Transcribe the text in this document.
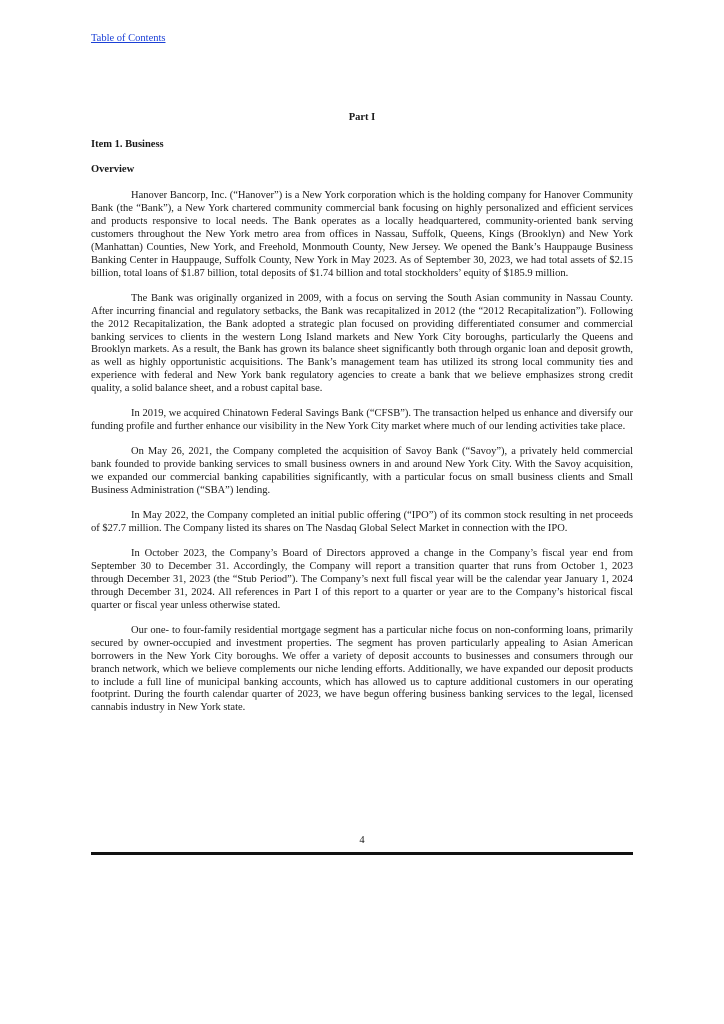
Table of Contents

Part I

Item 1. Business

Overview

Hanover Bancorp, Inc. (“Hanover”) is a New York corporation which is the holding company for Hanover Community Bank (the “Bank”), a New York chartered community commercial bank focusing on highly personalized and efficient services and products responsive to local needs. The Bank operates as a locally headquartered, community-oriented bank serving customers throughout the New York metro area from offices in Nassau, Suffolk, Queens, Kings (Brooklyn) and New York (Manhattan) Counties, New York, and Freehold, Monmouth County, New Jersey. We opened the Bank’s Hauppauge Business Banking Center in Hauppauge, Suffolk County, New York in May 2023. As of September 30, 2023, we had total assets of $2.15 billion, total loans of $1.87 billion, total deposits of $1.74 billion and total stockholders’ equity of $185.9 million.

The Bank was originally organized in 2009, with a focus on serving the South Asian community in Nassau County. After incurring financial and regulatory setbacks, the Bank was recapitalized in 2012 (the “2012 Recapitalization”). Following the 2012 Recapitalization, the Bank adopted a strategic plan focused on providing differentiated consumer and commercial banking services to clients in the western Long Island markets and New York City boroughs, particularly the Queens and Brooklyn markets. As a result, the Bank has grown its balance sheet significantly both through organic loan and deposit growth, as well as highly opportunistic acquisitions. The Bank’s management team has utilized its strong local community ties and experience with federal and New York bank regulatory agencies to create a bank that we believe emphasizes strong credit quality, a solid balance sheet, and a robust capital base.

In 2019, we acquired Chinatown Federal Savings Bank (“CFSB”). The transaction helped us enhance and diversify our funding profile and further enhance our visibility in the New York City market where much of our lending activities take place.

On May 26, 2021, the Company completed the acquisition of Savoy Bank (“Savoy”), a privately held commercial bank founded to provide banking services to small business owners in and around New York City. With the Savoy acquisition, we expanded our commercial banking capabilities significantly, with a particular focus on small business clients and Small Business Administration (“SBA”) lending.

In May 2022, the Company completed an initial public offering (“IPO”) of its common stock resulting in net proceeds of $27.7 million. The Company listed its shares on The Nasdaq Global Select Market in connection with the IPO.

In October 2023, the Company’s Board of Directors approved a change in the Company’s fiscal year end from September 30 to December 31. Accordingly, the Company will report a transition quarter that runs from October 1, 2023 through December 31, 2023 (the “Stub Period”). The Company’s next full fiscal year will be the calendar year January 1, 2024 through December 31, 2024. All references in Part I of this report to a quarter or year are to the Company’s historical fiscal quarter or fiscal year unless otherwise stated.

Our one- to four-family residential mortgage segment has a particular niche focus on non-conforming loans, primarily secured by owner-occupied and investment properties. The segment has proven particularly appealing to Asian American borrowers in the New York City boroughs. We offer a variety of deposit accounts to businesses and consumers through our branch network, which we believe complements our niche lending efforts. Additionally, we have expanded our deposit products to include a full line of municipal banking accounts, which has allowed us to capture additional customers in our operating footprint. During the fourth calendar quarter of 2023, we have begun offering business banking services to the legal, licensed cannabis industry in New York state.

4
